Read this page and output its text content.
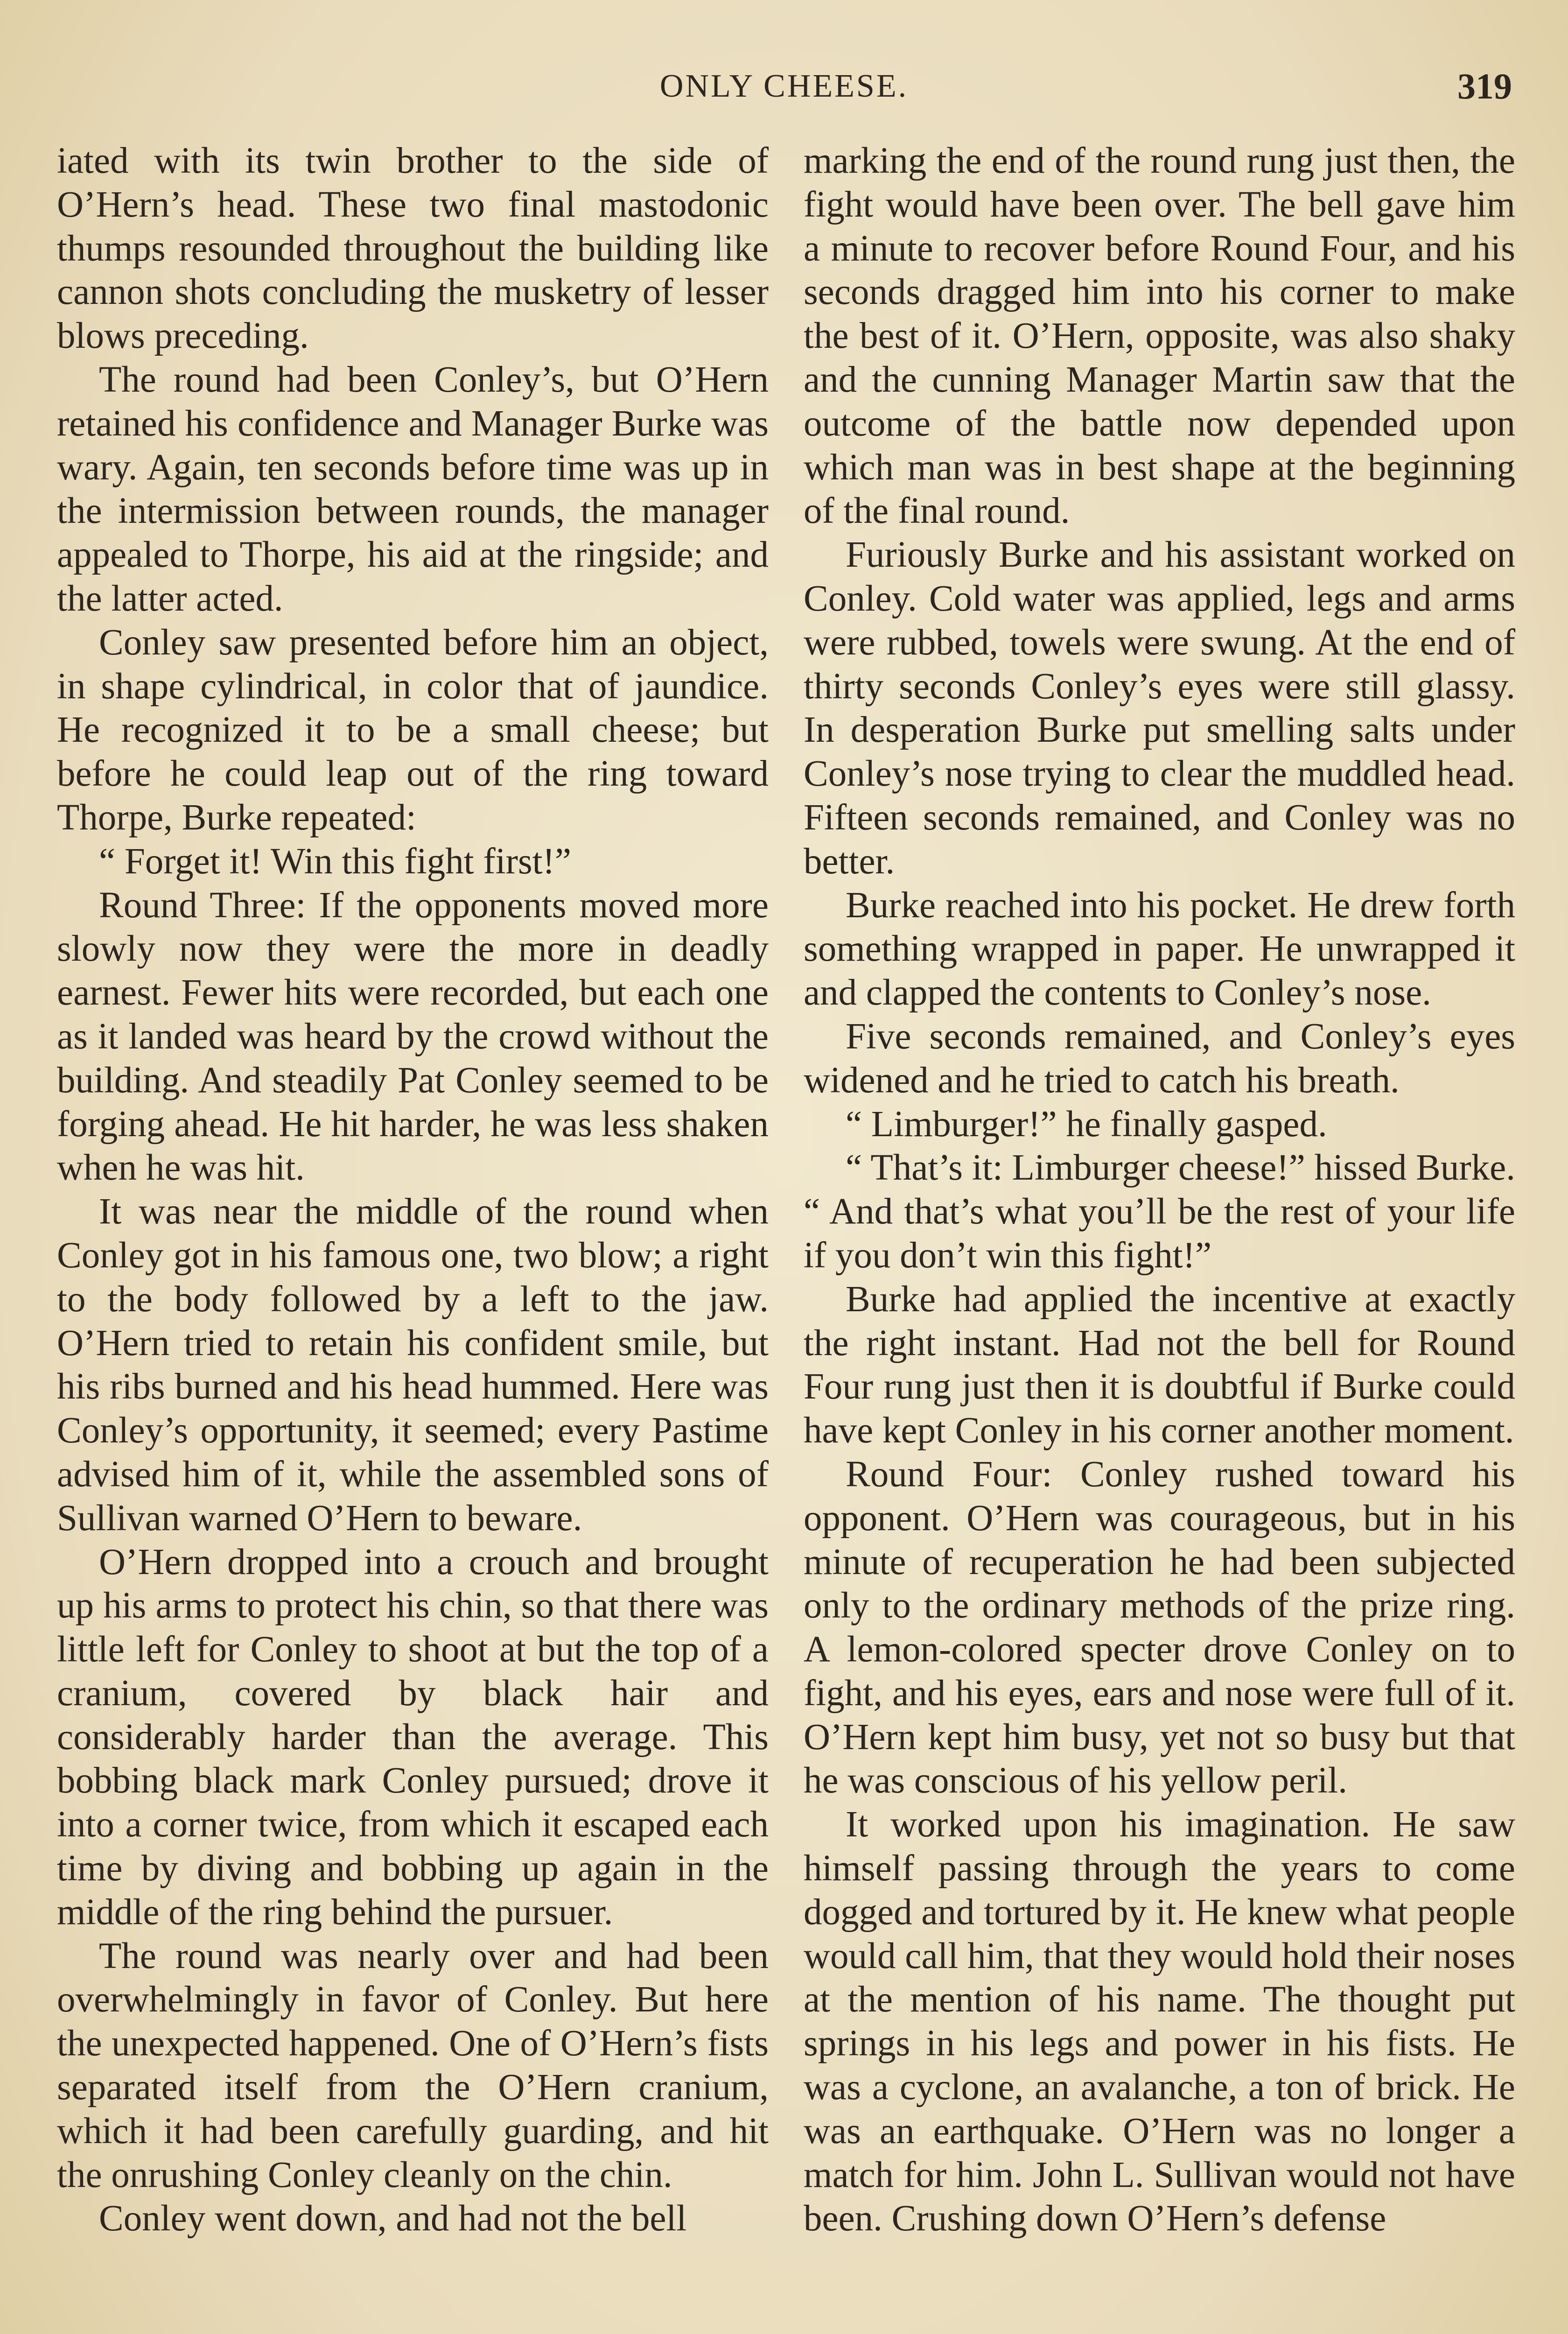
ONLY CHEESE.	319

iated with its twin brother to the side of O’Hern’s head. These two final mastodonic thumps resounded throughout the building like cannon shots concluding the musketry of lesser blows preceding.

The round had been Conley’s, but O’Hern retained his confidence and Manager Burke was wary. Again, ten seconds before time was up in the intermission between rounds, the manager appealed to Thorpe, his aid at the ringside; and the latter acted.

Conley saw presented before him an object, in shape cylindrical, in color that of jaundice. He recognized it to be a small cheese; but before he could leap out of the ring toward Thorpe, Burke repeated:

“ Forget it! Win this fight first!”

Round Three: If the opponents moved more slowly now they were the more in deadly earnest. Fewer hits were recorded, but each one as it landed was heard by the crowd without the building. And steadily Pat Conley seemed to be forging ahead. He hit harder, he was less shaken when he was hit.

It was near the middle of the round when Conley got in his famous one, two blow; a right to the body followed by a left to the jaw. O’Hern tried to retain his confident smile, but his ribs burned and his head hummed. Here was Conley’s opportunity, it seemed; every Pastime advised him of it, while the assembled sons of Sullivan warned O’Hern to beware.

O’Hern dropped into a crouch and brought up his arms to protect his chin, so that there was little left for Conley to shoot at but the top of a cranium, covered by black hair and considerably harder than the average. This bobbing black mark Conley pursued; drove it into a corner twice, from which it escaped each time by diving and bobbing up again in the middle of the ring behind the pursuer.

The round was nearly over and had been overwhelmingly in favor of Conley. But here the unexpected happened. One of O’Hern’s fists separated itself from the O’Hern cranium, which it had been carefully guarding, and hit the onrushing Conley cleanly on the chin.

Conley went down, and had not the bell

marking the end of the round rung just then, the fight would have been over. The bell gave him a minute to recover before Round Four, and his seconds dragged him into his corner to make the best of it. O’Hern, opposite, was also shaky and the cunning Manager Martin saw that the outcome of the battle now depended upon which man was in best shape at the beginning of the final round.

Furiously Burke and his assistant worked on Conley. Cold water was applied, legs and arms were rubbed, towels were swung. At the end of thirty seconds Conley’s eyes were still glassy. In desperation Burke put smelling salts under Conley’s nose trying to clear the muddled head. Fifteen seconds remained, and Conley was no better.

Burke reached into his pocket. He drew forth something wrapped in paper. He unwrapped it and clapped the contents to Conley’s nose.

Five seconds remained, and Conley’s eyes widened and he tried to catch his breath.

“ Limburger!” he finally gasped.

“ That’s it: Limburger cheese!” hissed Burke. “ And that’s what you’ll be the rest of your life if you don’t win this fight!”

Burke had applied the incentive at exactly the right instant. Had not the bell for Round Four rung just then it is doubtful if Burke could have kept Conley in his corner another moment.

Round Four: Conley rushed toward his opponent. O’Hern was courageous, but in his minute of recuperation he had been subjected only to the ordinary methods of the prize ring. A lemon-colored specter drove Conley on to fight, and his eyes, ears and nose were full of it. O’Hern kept him busy, yet not so busy but that he was conscious of his yellow peril.

It worked upon his imagination. He saw himself passing through the years to come dogged and tortured by it. He knew what people would call him, that they would hold their noses at the mention of his name. The thought put springs in his legs and power in his fists. He was a cyclone, an avalanche, a ton of brick. He was an earthquake. O’Hern was no longer a match for him. John L. Sullivan would not have been. Crushing down O’Hern’s defense
